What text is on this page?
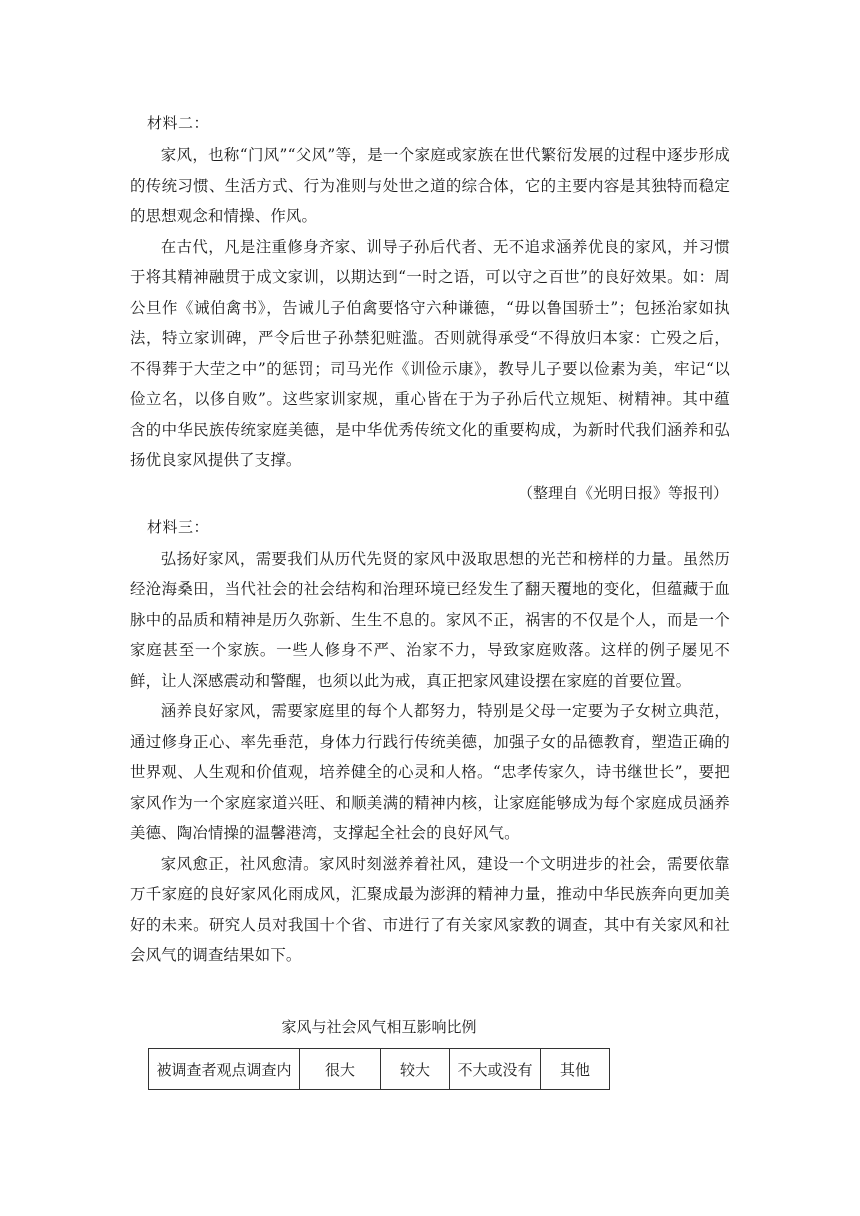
材料二：

家风，也称“门风”“父风”等，是一个家庭或家族在世代繁衍发展的过程中逐步形成的传统习惯、生活方式、行为准则与处世之道的综合体，它的主要内容是其独特而稳定的思想观念和情操、作风。

在古代，凡是注重修身齐家、训导子孙后代者、无不追求涵养优良的家风，并习惯于将其精神融贯于成文家训，以期达到“一时之语，可以守之百世”的良好效果。如：周公旦作《诫伯禽书》，告诫儿子伯禽要恪守六种谦德，“毋以鲁国骄士”；包拯治家如执法，特立家训碑，严令后世子孙禁犯赃滥。否则就得承受“不得放归本家：亡殁之后，不得葬于大茔之中”的惩罚；司马光作《训俭示康》，教导儿子要以俭素为美，牢记“以俭立名，以侈自败”。这些家训家规，重心皆在于为子孙后代立规矩、树精神。其中蕴含的中华民族传统家庭美德，是中华优秀传统文化的重要构成，为新时代我们涵养和弘扬优良家风提供了支撑。

（整理自《光明日报》等报刊）
材料三：

弘扬好家风，需要我们从历代先贤的家风中汲取思想的光芒和榜样的力量。虽然历经沧海桑田，当代社会的社会结构和治理环境已经发生了翻天覆地的变化，但蕴藏于血脉中的品质和精神是历久弥新、生生不息的。家风不正，祸害的不仅是个人，而是一个家庭甚至一个家族。一些人修身不严、治家不力，导致家庭败落。这样的例子屡见不鲜，让人深感震动和警醒，也须以此为戒，真正把家风建设摆在家庭的首要位置。

涵养良好家风，需要家庭里的每个人都努力，特别是父母一定要为子女树立典范，通过修身正心、率先垂范，身体力行践行传统美德，加强子女的品德教育，塑造正确的世界观、人生观和价值观，培养健全的心灵和人格。“忠孝传家久，诗书继世长”，要把家风作为一个家庭家道兴旺、和顺美满的精神内核，让家庭能够成为每个家庭成员涵养美德、陶冶情操的温馨港湾，支撑起全社会的良好风气。

家风愈正，社风愈清。家风时刻滋养着社风，建设一个文明进步的社会，需要依靠万千家庭的良好家风化雨成风，汇聚成最为澎湃的精神力量，推动中华民族奔向更加美好的未来。研究人员对我国十个省、市进行了有关家风家教的调查，其中有关家风和社会风气的调查结果如下。

家风与社会风气相互影响比例
被调查者观点调查内	很大	较大	不大或没有	其他
